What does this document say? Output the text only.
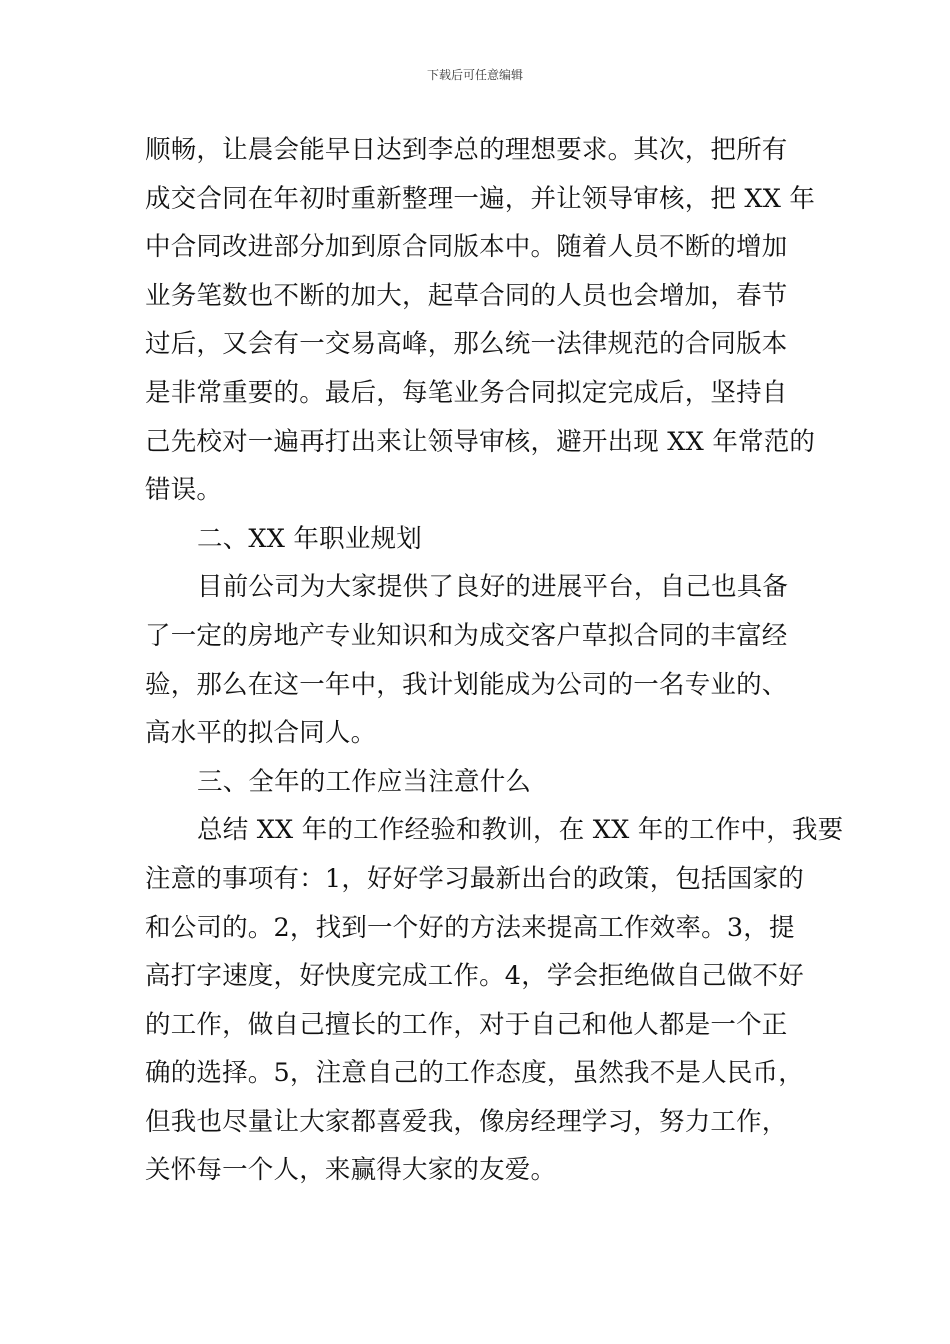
下载后可任意编辑
顺畅，让晨会能早日达到李总的理想要求。其次，把所有
成交合同在年初时重新整理一遍，并让领导审核，把 XX 年
中合同改进部分加到原合同版本中。随着人员不断的增加
业务笔数也不断的加大，起草合同的人员也会增加，春节
过后，又会有一交易高峰，那么统一法律规范的合同版本
是非常重要的。最后，每笔业务合同拟定完成后，坚持自
己先校对一遍再打出来让领导审核，避开出现 XX 年常范的
错误。
二、XX 年职业规划
目前公司为大家提供了良好的进展平台，自己也具备
了一定的房地产专业知识和为成交客户草拟合同的丰富经
验，那么在这一年中，我计划能成为公司的一名专业的、
高水平的拟合同人。
三、全年的工作应当注意什么
总结 XX 年的工作经验和教训，在 XX 年的工作中，我要
注意的事项有：1，好好学习最新出台的政策，包括国家的
和公司的。2，找到一个好的方法来提高工作效率。3，提
高打字速度，好快度完成工作。4，学会拒绝做自己做不好
的工作，做自己擅长的工作，对于自己和他人都是一个正
确的选择。5，注意自己的工作态度，虽然我不是人民币，
但我也尽量让大家都喜爱我，像房经理学习，努力工作，
关怀每一个人，来赢得大家的友爱。
